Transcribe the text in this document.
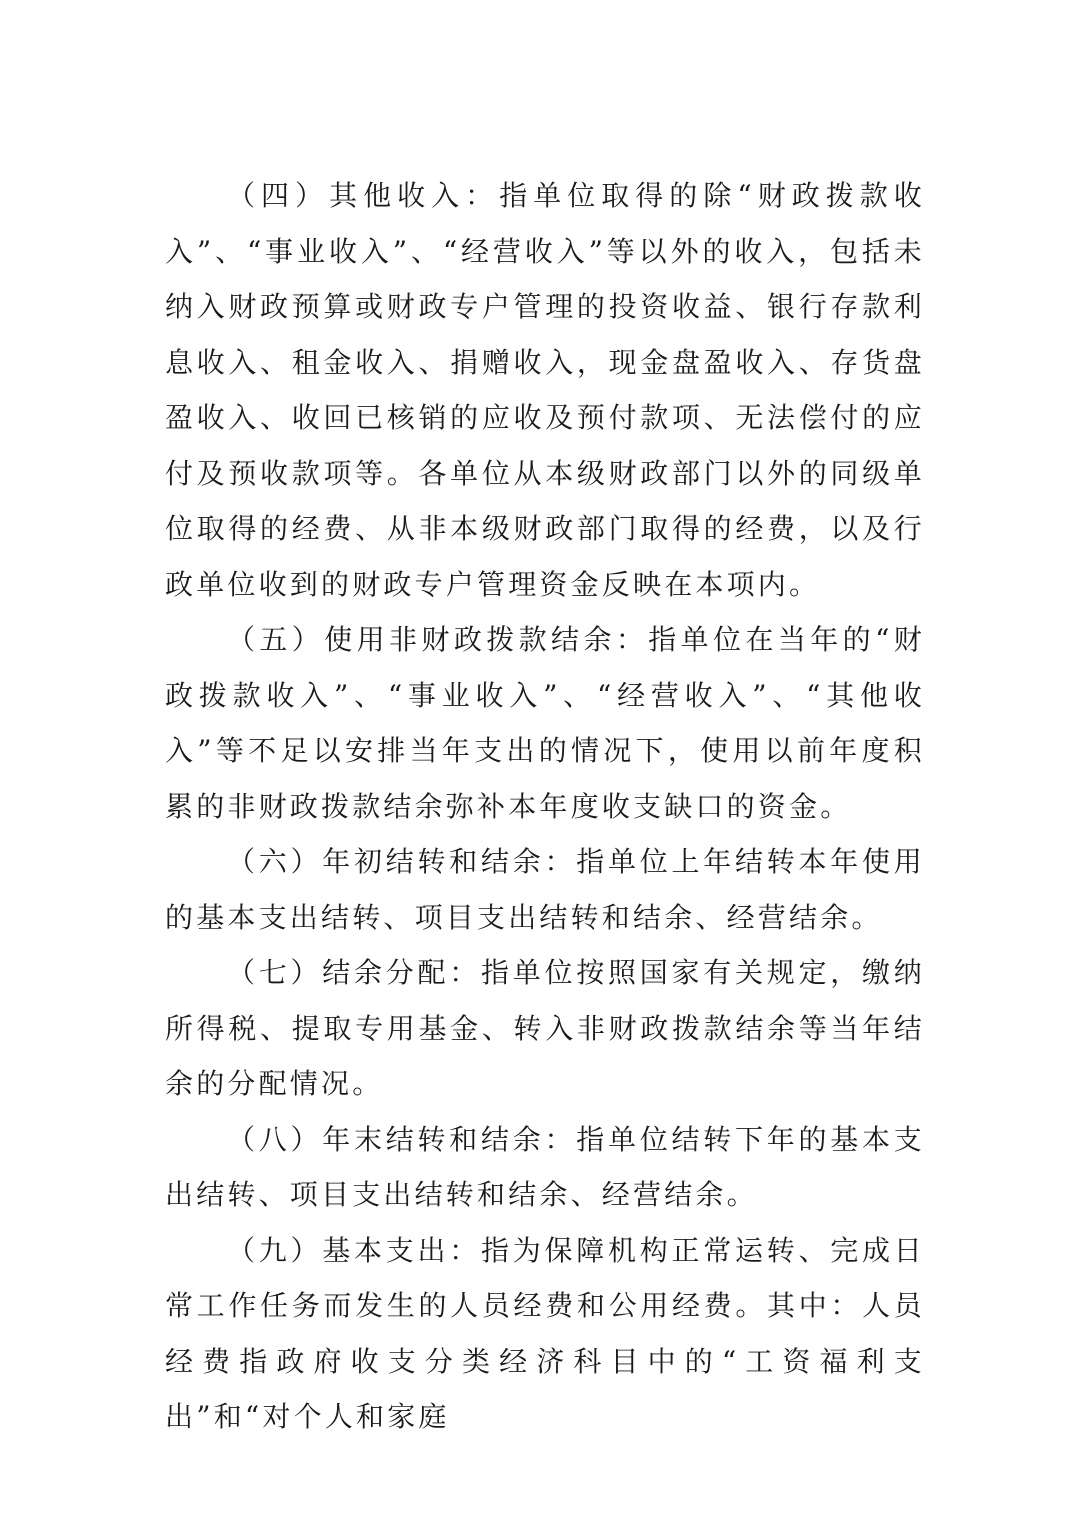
（四）其他收入：指单位取得的除“财政拨款收入”、“事业收入”、“经营收入”等以外的收入，包括未纳入财政预算或财政专户管理的投资收益、银行存款利息收入、租金收入、捐赠收入，现金盘盈收入、存货盘盈收入、收回已核销的应收及预付款项、无法偿付的应付及预收款项等。各单位从本级财政部门以外的同级单位取得的经费、从非本级财政部门取得的经费，以及行政单位收到的财政专户管理资金反映在本项内。

（五）使用非财政拨款结余：指单位在当年的“财政拨款收入”、“事业收入”、“经营收入”、“其他收入”等不足以安排当年支出的情况下，使用以前年度积累的非财政拨款结余弥补本年度收支缺口的资金。

（六）年初结转和结余：指单位上年结转本年使用的基本支出结转、项目支出结转和结余、经营结余。

（七）结余分配：指单位按照国家有关规定，缴纳所得税、提取专用基金、转入非财政拨款结余等当年结余的分配情况。

（八）年末结转和结余：指单位结转下年的基本支出结转、项目支出结转和结余、经营结余。

（九）基本支出：指为保障机构正常运转、完成日常工作任务而发生的人员经费和公用经费。其中：人员经费指政府收支分类经济科目中的“工资福利支出”和“对个人和家庭
